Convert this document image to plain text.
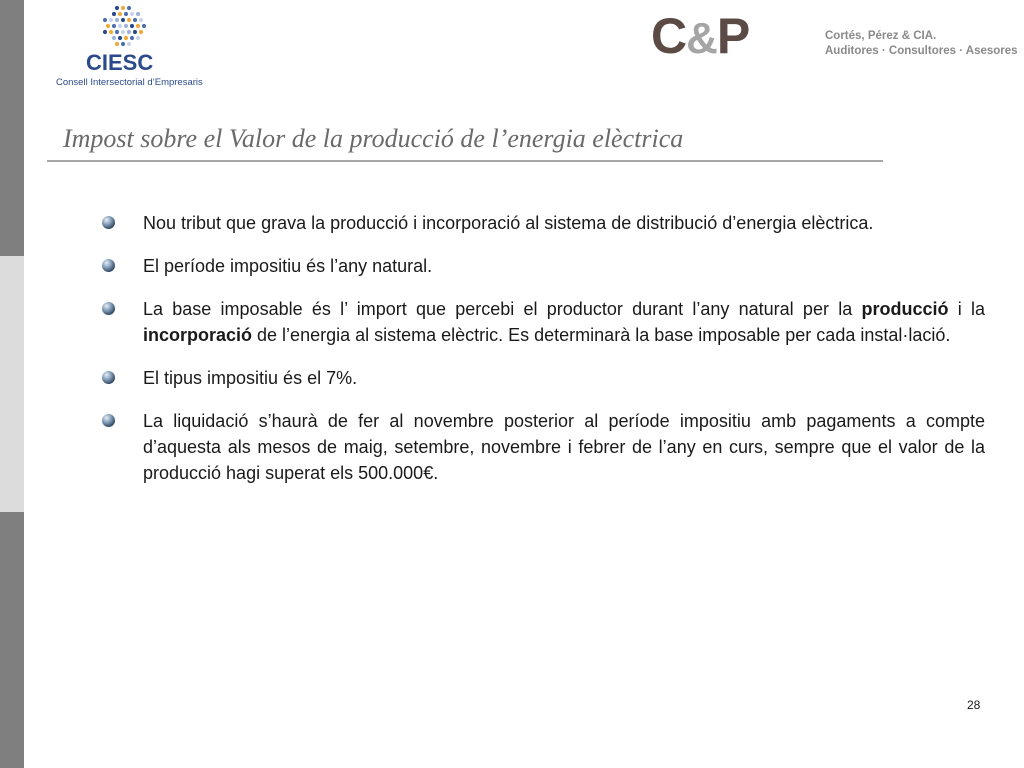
CIESC
Consell Intersectorial d’Empresaris
C&P	Cortés, Pérez & CIA.
Auditores · Consultores · Asesores
Impost sobre el Valor de la producció de l’energia elèctrica
Nou tribut que grava la producció i incorporació al sistema de distribució d’energia elèctrica.
El període impositiu és l’any natural.
La base imposable és l’ import que percebi el productor durant l’any natural per la producció i la incorporació de l’energia al sistema elèctric. Es determinarà la base imposable per cada instal·lació.
El tipus impositiu és el 7%.
La liquidació s’haurà de fer al novembre posterior al període impositiu amb pagaments a compte d’aquesta als mesos de maig, setembre, novembre i febrer de l’any en curs, sempre que el valor de la producció hagi superat els 500.000€.
28
